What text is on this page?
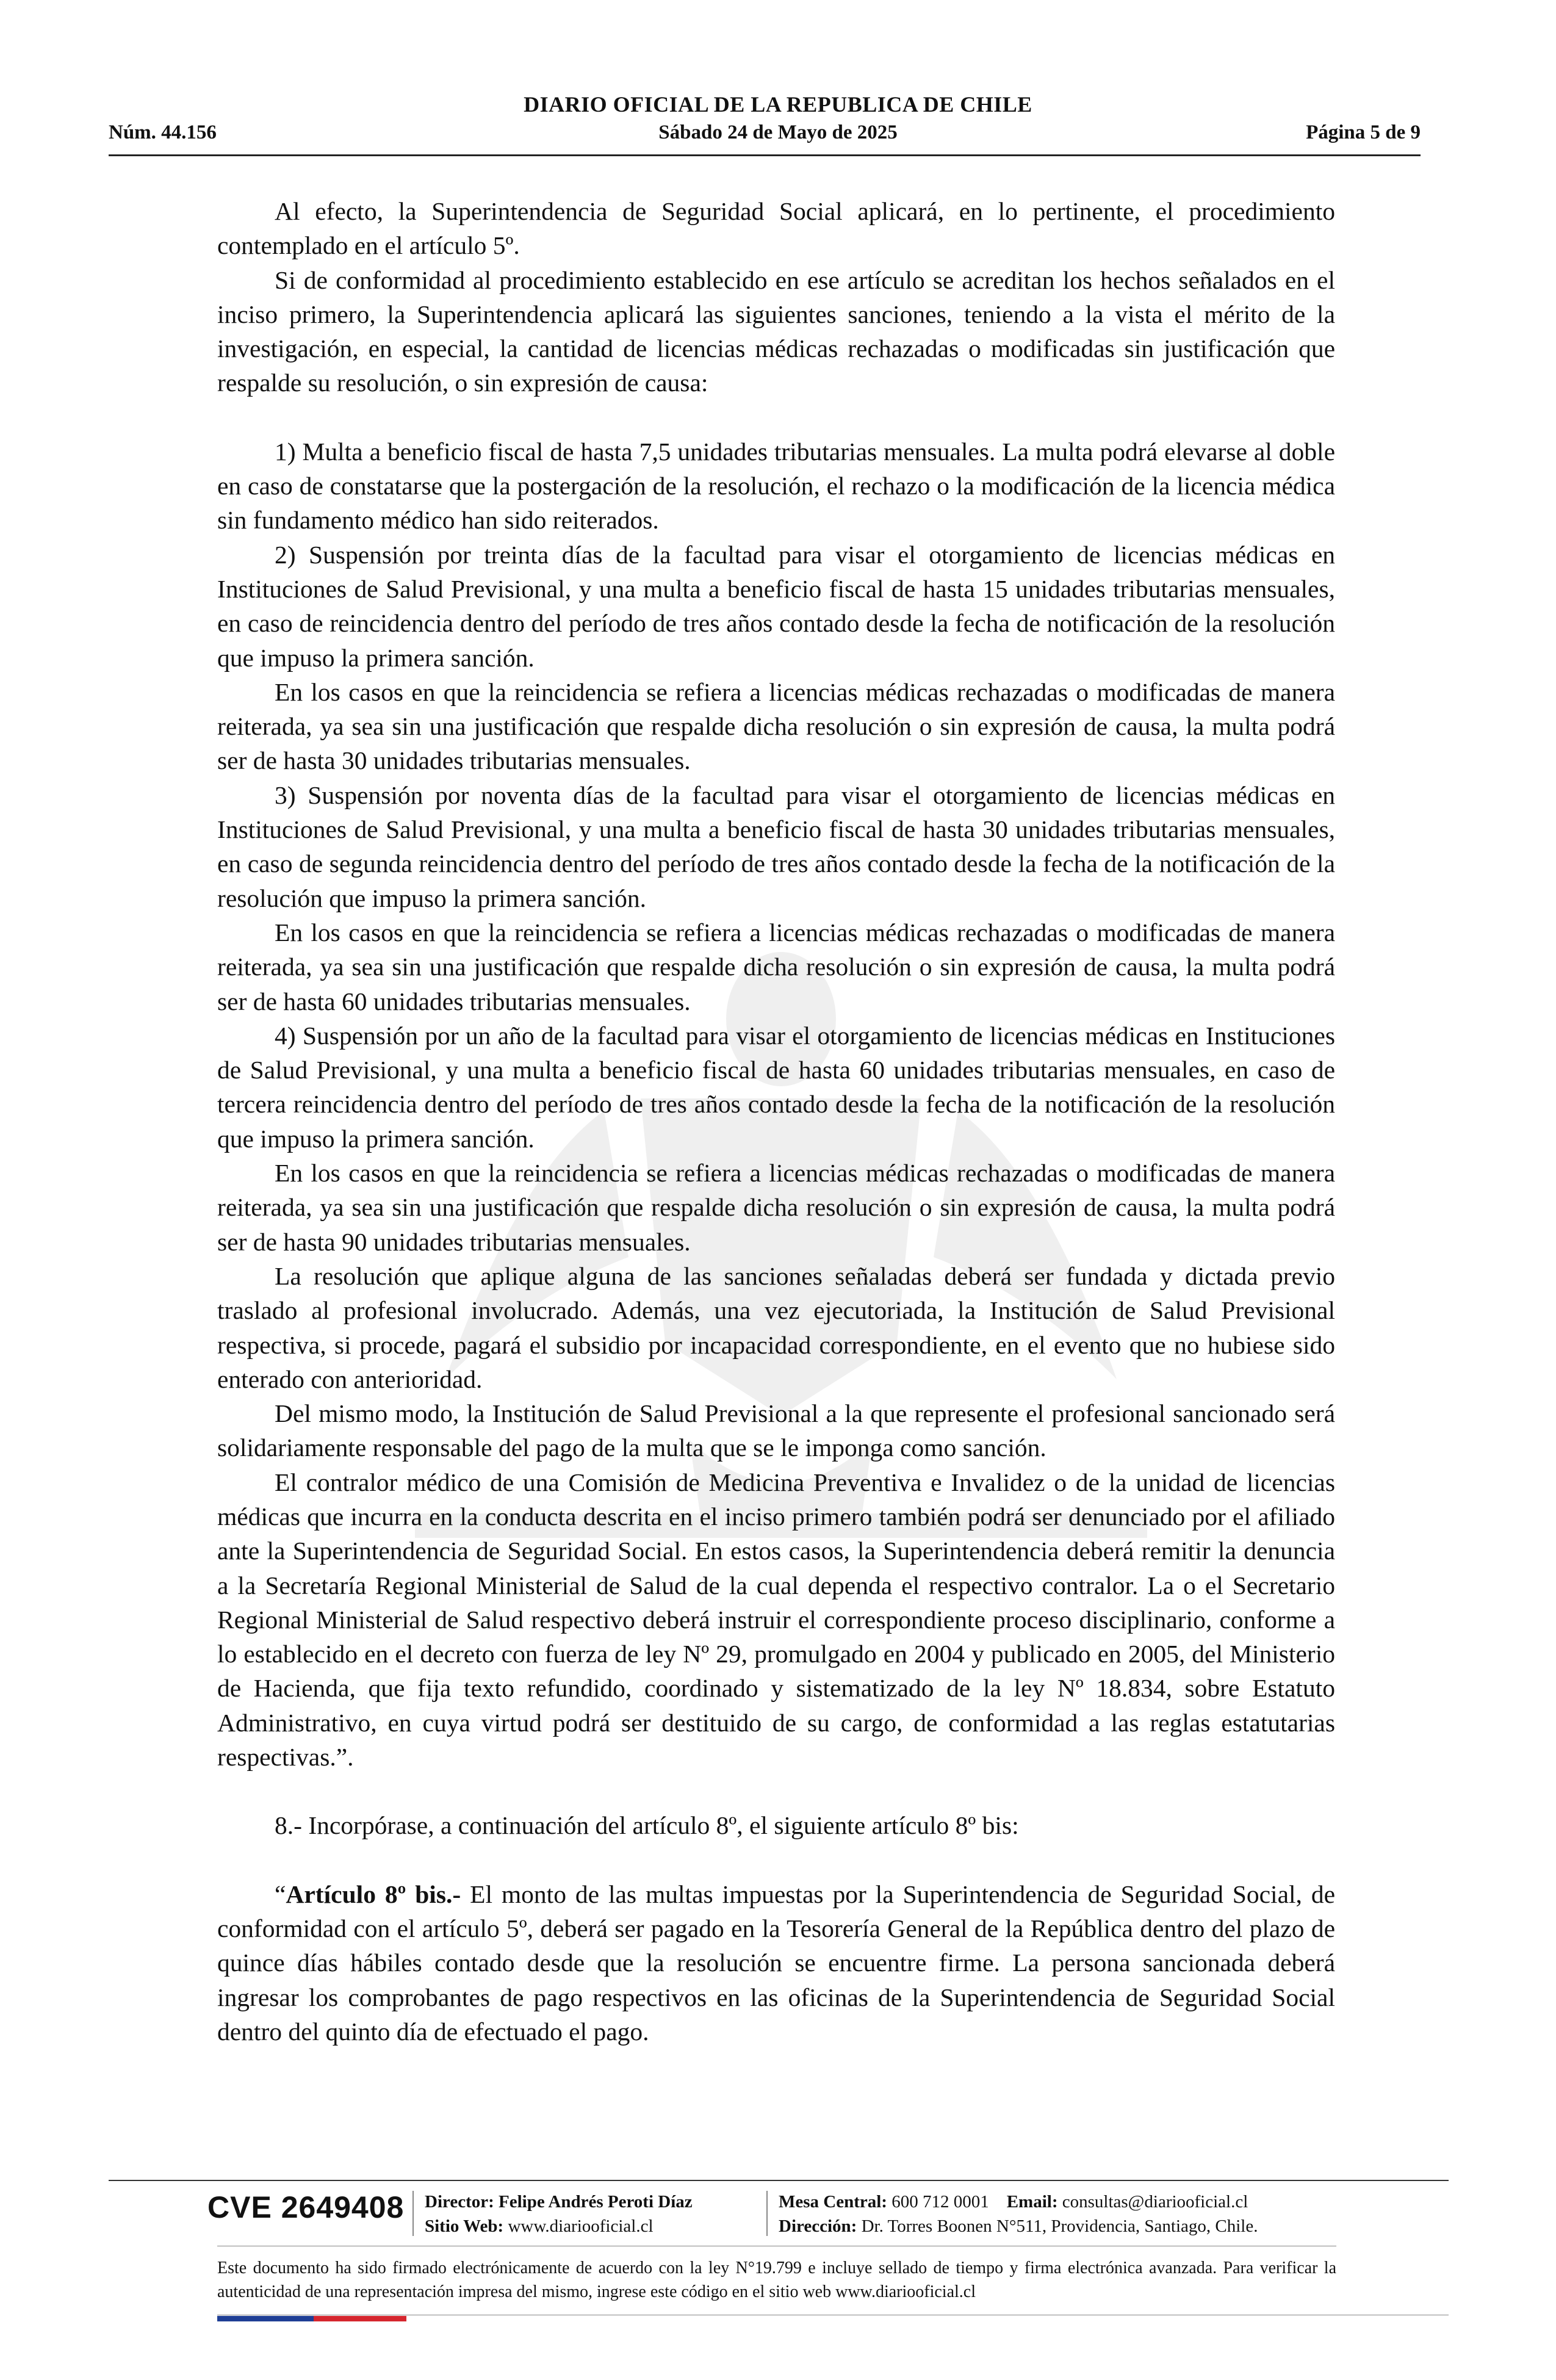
DIARIO OFICIAL DE LA REPUBLICA DE CHILE
Núm. 44.156	Sábado 24 de Mayo de 2025	Página 5 de 9

Al efecto, la Superintendencia de Seguridad Social aplicará, en lo pertinente, el procedimiento contemplado en el artículo 5º.

Si de conformidad al procedimiento establecido en ese artículo se acreditan los hechos señalados en el inciso primero, la Superintendencia aplicará las siguientes sanciones, teniendo a la vista el mérito de la investigación, en especial, la cantidad de licencias médicas rechazadas o modificadas sin justificación que respalde su resolución, o sin expresión de causa:

1) Multa a beneficio fiscal de hasta 7,5 unidades tributarias mensuales. La multa podrá elevarse al doble en caso de constatarse que la postergación de la resolución, el rechazo o la modificación de la licencia médica sin fundamento médico han sido reiterados.

2) Suspensión por treinta días de la facultad para visar el otorgamiento de licencias médicas en Instituciones de Salud Previsional, y una multa a beneficio fiscal de hasta 15 unidades tributarias mensuales, en caso de reincidencia dentro del período de tres años contado desde la fecha de notificación de la resolución que impuso la primera sanción.

En los casos en que la reincidencia se refiera a licencias médicas rechazadas o modificadas de manera reiterada, ya sea sin una justificación que respalde dicha resolución o sin expresión de causa, la multa podrá ser de hasta 30 unidades tributarias mensuales.

3) Suspensión por noventa días de la facultad para visar el otorgamiento de licencias médicas en Instituciones de Salud Previsional, y una multa a beneficio fiscal de hasta 30 unidades tributarias mensuales, en caso de segunda reincidencia dentro del período de tres años contado desde la fecha de la notificación de la resolución que impuso la primera sanción.

En los casos en que la reincidencia se refiera a licencias médicas rechazadas o modificadas de manera reiterada, ya sea sin una justificación que respalde dicha resolución o sin expresión de causa, la multa podrá ser de hasta 60 unidades tributarias mensuales.

4) Suspensión por un año de la facultad para visar el otorgamiento de licencias médicas en Instituciones de Salud Previsional, y una multa a beneficio fiscal de hasta 60 unidades tributarias mensuales, en caso de tercera reincidencia dentro del período de tres años contado desde la fecha de la notificación de la resolución que impuso la primera sanción.

En los casos en que la reincidencia se refiera a licencias médicas rechazadas o modificadas de manera reiterada, ya sea sin una justificación que respalde dicha resolución o sin expresión de causa, la multa podrá ser de hasta 90 unidades tributarias mensuales.

La resolución que aplique alguna de las sanciones señaladas deberá ser fundada y dictada previo traslado al profesional involucrado. Además, una vez ejecutoriada, la Institución de Salud Previsional respectiva, si procede, pagará el subsidio por incapacidad correspondiente, en el evento que no hubiese sido enterado con anterioridad.

Del mismo modo, la Institución de Salud Previsional a la que represente el profesional sancionado será solidariamente responsable del pago de la multa que se le imponga como sanción.

El contralor médico de una Comisión de Medicina Preventiva e Invalidez o de la unidad de licencias médicas que incurra en la conducta descrita en el inciso primero también podrá ser denunciado por el afiliado ante la Superintendencia de Seguridad Social. En estos casos, la Superintendencia deberá remitir la denuncia a la Secretaría Regional Ministerial de Salud de la cual dependa el respectivo contralor. La o el Secretario Regional Ministerial de Salud respectivo deberá instruir el correspondiente proceso disciplinario, conforme a lo establecido en el decreto con fuerza de ley Nº 29, promulgado en 2004 y publicado en 2005, del Ministerio de Hacienda, que fija texto refundido, coordinado y sistematizado de la ley Nº 18.834, sobre Estatuto Administrativo, en cuya virtud podrá ser destituido de su cargo, de conformidad a las reglas estatutarias respectivas.”.

8.- Incorpórase, a continuación del artículo 8º, el siguiente artículo 8º bis:

“Artículo 8º bis.- El monto de las multas impuestas por la Superintendencia de Seguridad Social, de conformidad con el artículo 5º, deberá ser pagado en la Tesorería General de la República dentro del plazo de quince días hábiles contado desde que la resolución se encuentre firme. La persona sancionada deberá ingresar los comprobantes de pago respectivos en las oficinas de la Superintendencia de Seguridad Social dentro del quinto día de efectuado el pago.

CVE 2649408 Director: Felipe Andrés Peroti Díaz
Sitio Web: www.diariooficial.cl
Mesa Central: 600 712 0001 Email: consultas@diariooficial.cl
Dirección: Dr. Torres Boonen N°511, Providencia, Santiago, Chile.
Este documento ha sido firmado electrónicamente de acuerdo con la ley N°19.799 e incluye sellado de tiempo y firma electrónica avanzada. Para verificar la autenticidad de una representación impresa del mismo, ingrese este código en el sitio web www.diariooficial.cl
